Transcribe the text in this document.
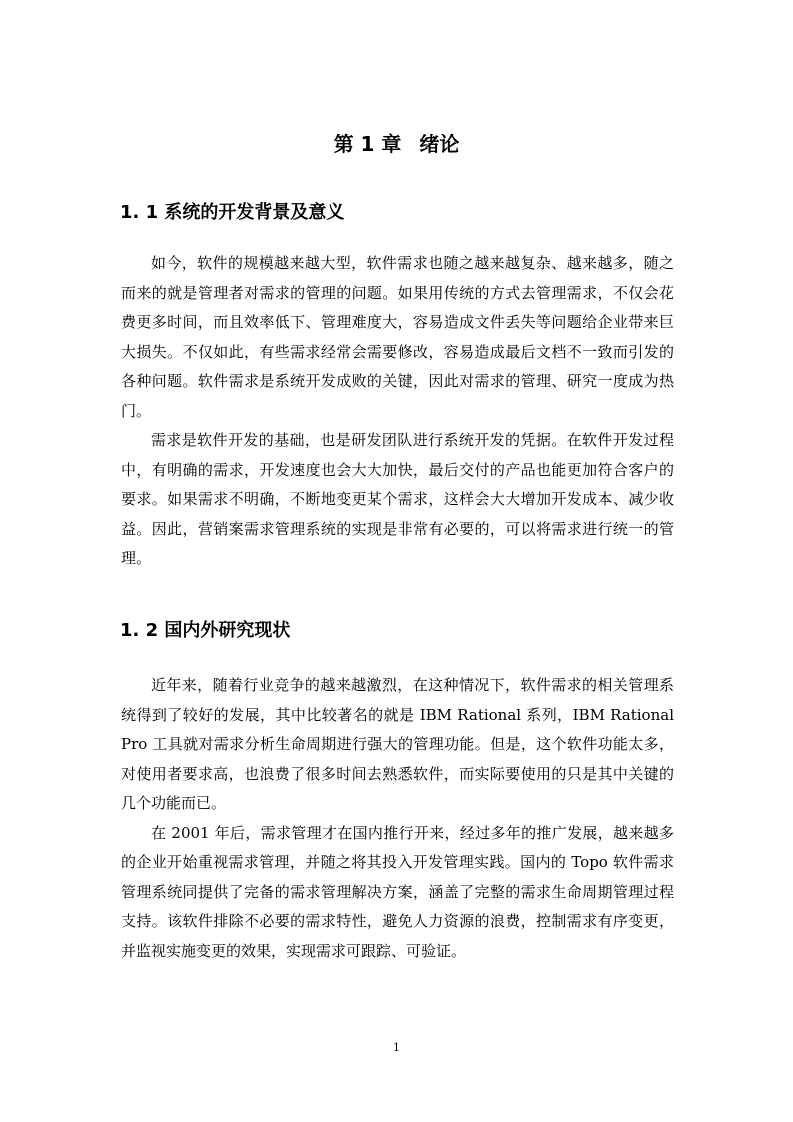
第 1 章 绪论
1. 1 系统的开发背景及意义

如今，软件的规模越来越大型，软件需求也随之越来越复杂、越来越多，随之而来的就是管理者对需求的管理的问题。如果用传统的方式去管理需求，不仅会花费更多时间，而且效率低下、管理难度大，容易造成文件丢失等问题给企业带来巨大损失。不仅如此，有些需求经常会需要修改，容易造成最后文档不一致而引发的各种问题。软件需求是系统开发成败的关键，因此对需求的管理、研究一度成为热门。

需求是软件开发的基础，也是研发团队进行系统开发的凭据。在软件开发过程中，有明确的需求，开发速度也会大大加快，最后交付的产品也能更加符合客户的要求。如果需求不明确，不断地变更某个需求，这样会大大增加开发成本、减少收益。因此，营销案需求管理系统的实现是非常有必要的，可以将需求进行统一的管理。

1. 2 国内外研究现状

近年来，随着行业竞争的越来越激烈，在这种情况下，软件需求的相关管理系统得到了较好的发展，其中比较著名的就是 IBM Rational 系列，IBM Rational Pro 工具就对需求分析生命周期进行强大的管理功能。但是，这个软件功能太多，对使用者要求高，也浪费了很多时间去熟悉软件，而实际要使用的只是其中关键的几个功能而已。

在 2001 年后，需求管理才在国内推行开来，经过多年的推广发展，越来越多的企业开始重视需求管理，并随之将其投入开发管理实践。国内的 Topo 软件需求管理系统同提供了完备的需求管理解决方案，涵盖了完整的需求生命周期管理过程支持。该软件排除不必要的需求特性，避免人力资源的浪费，控制需求有序变更，并监视实施变更的效果，实现需求可跟踪、可验证。

1
